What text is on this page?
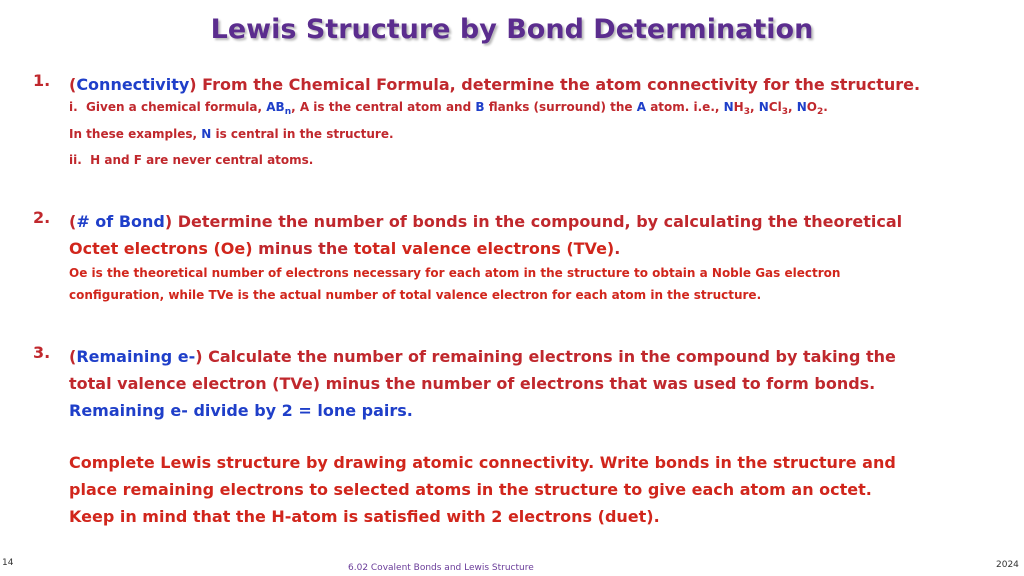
Lewis Structure by Bond Determination
1. (Connectivity) From the Chemical Formula, determine the atom connectivity for the structure.
i. Given a chemical formula, $AB_n$, A is the central atom and B flanks (surround) the A atom. i.e., $NH_3$, NCl$_3$, $NO_2$.
In these examples, N is central in the structure.
ii. H and F are never central atoms.
2. (# of Bond) Determine the number of bonds in the compound, by calculating the theoretical
Octet electrons (Oe) minus the total valence electrons (TVe).
Oe is the theoretical number of electrons necessary for each atom in the structure to obtain a Noble Gas electron
configuration, while TVe is the actual number of total valence electron for each atom in the structure.
3. (Remaining e-) Calculate the number of remaining electrons in the compound by taking the
total valence electron (TVe) minus the number of electrons that was used to form bonds.
Remaining e- divide by 2 = lone pairs.
Complete Lewis structure by drawing atomic connectivity. Write bonds in the structure and
place remaining electrons to selected atoms in the structure to give each atom an octet.
Keep in mind that the H-atom is satisfied with 2 electrons (duet).
14	6.02 Covalent Bonds and Lewis Structure	2024
